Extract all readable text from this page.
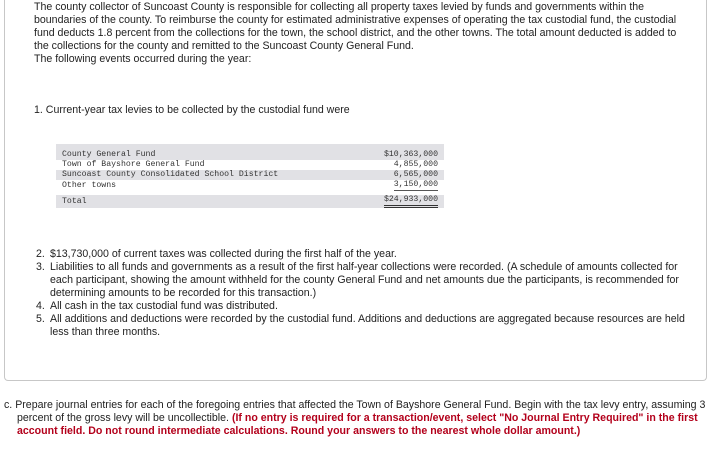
The county collector of Suncoast County is responsible for collecting all property taxes levied by funds and governments within the boundaries of the county. To reimburse the county for estimated administrative expenses of operating the tax custodial fund, the custodial fund deducts 1.8 percent from the collections for the town, the school district, and the other towns. The total amount deducted is added to the collections for the county and remitted to the Suncoast County General Fund.

The following events occurred during the year:

1. Current-year tax levies to be collected by the custodial fund were

County General Fund	$10,363,000
Town of Bayshore General Fund	4,855,000
Suncoast County Consolidated School District	6,565,000
Other towns	3,150,000

Total	$24,933,000
2. $13,730,000 of current taxes was collected during the first half of the year.
3. Liabilities to all funds and governments as a result of the first half-year collections were recorded. (A schedule of amounts collected for each participant, showing the amount withheld for the county General Fund and net amounts due the participants, is recommended for determining amounts to be recorded for this transaction.)
4. All cash in the tax custodial fund was distributed.
5. All additions and deductions were recorded by the custodial fund. Additions and deductions are aggregated because resources are held less than three months.
c. Prepare journal entries for each of the foregoing entries that affected the Town of Bayshore General Fund. Begin with the tax levy entry, assuming 3 percent of the gross levy will be uncollectible. (If no entry is required for a transaction/event, select "No Journal Entry Required" in the first account field. Do not round intermediate calculations. Round your answers to the nearest whole dollar amount.)
